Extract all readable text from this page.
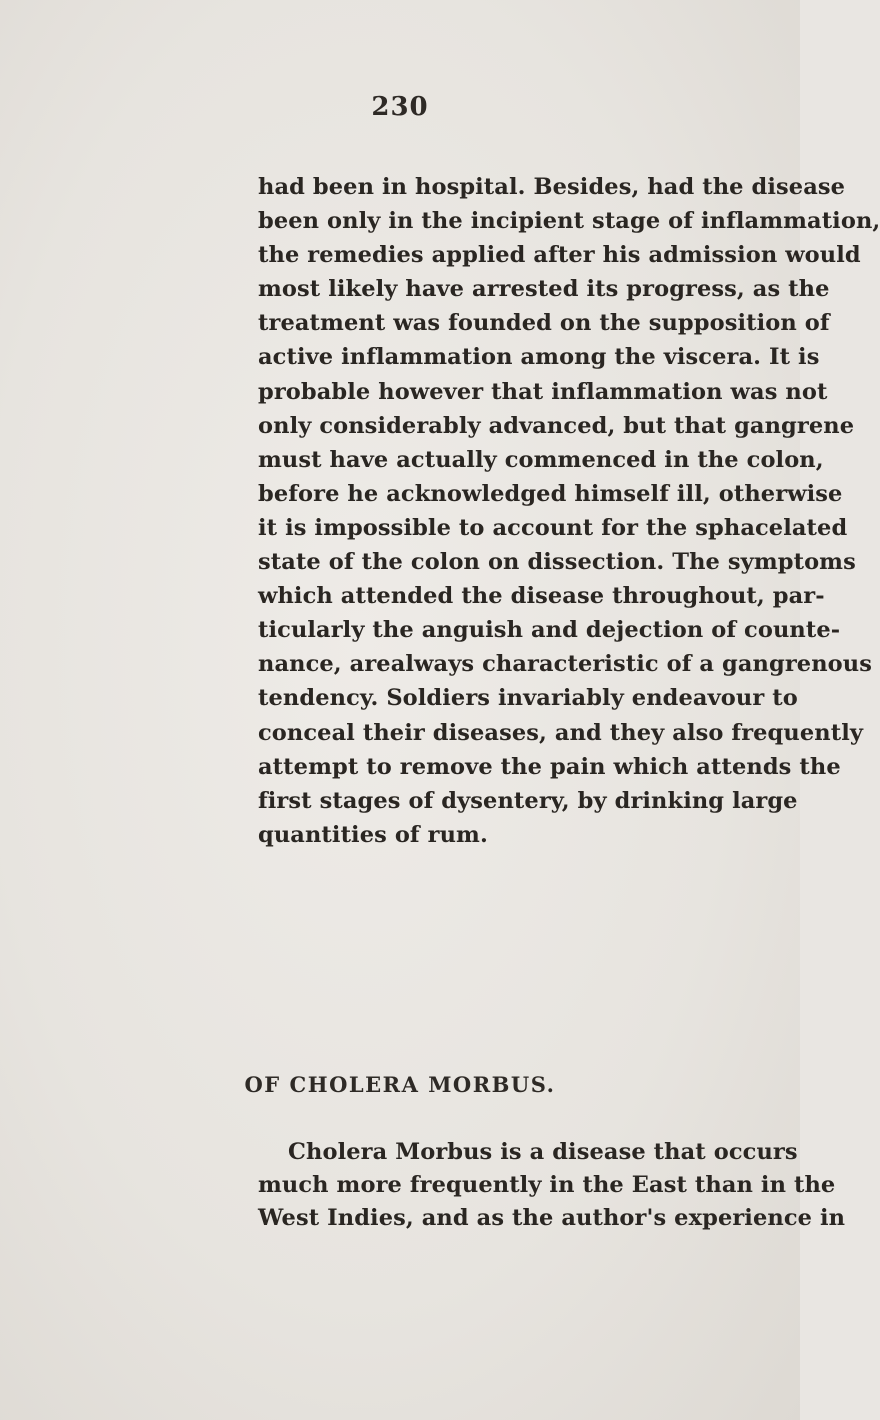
230
had been in hospital. Besides, had the disease
been only in the incipient stage of inflammation,
the remedies applied after his admission would
most likely have arrested its progress, as the
treatment was founded on the supposition of
active inflammation among the viscera. It is
probable however that inflammation was not
only considerably advanced, but that gangrene
must have actually commenced in the colon,
before he acknowledged himself ill, otherwise
it is impossible to account for the sphacelated
state of the colon on dissection. The symptoms
which attended the disease throughout, par-
ticularly the anguish and dejection of counte-
nance, arealways characteristic of a gangrenous
tendency. Soldiers invariably endeavour to
conceal their diseases, and they also frequently
attempt to remove the pain which attends the
first stages of dysentery, by drinking large
quantities of rum.
OF CHOLERA MORBUS.
Cholera Morbus is a disease that occurs
much more frequently in the East than in the
West Indies, and as the author's experience in
